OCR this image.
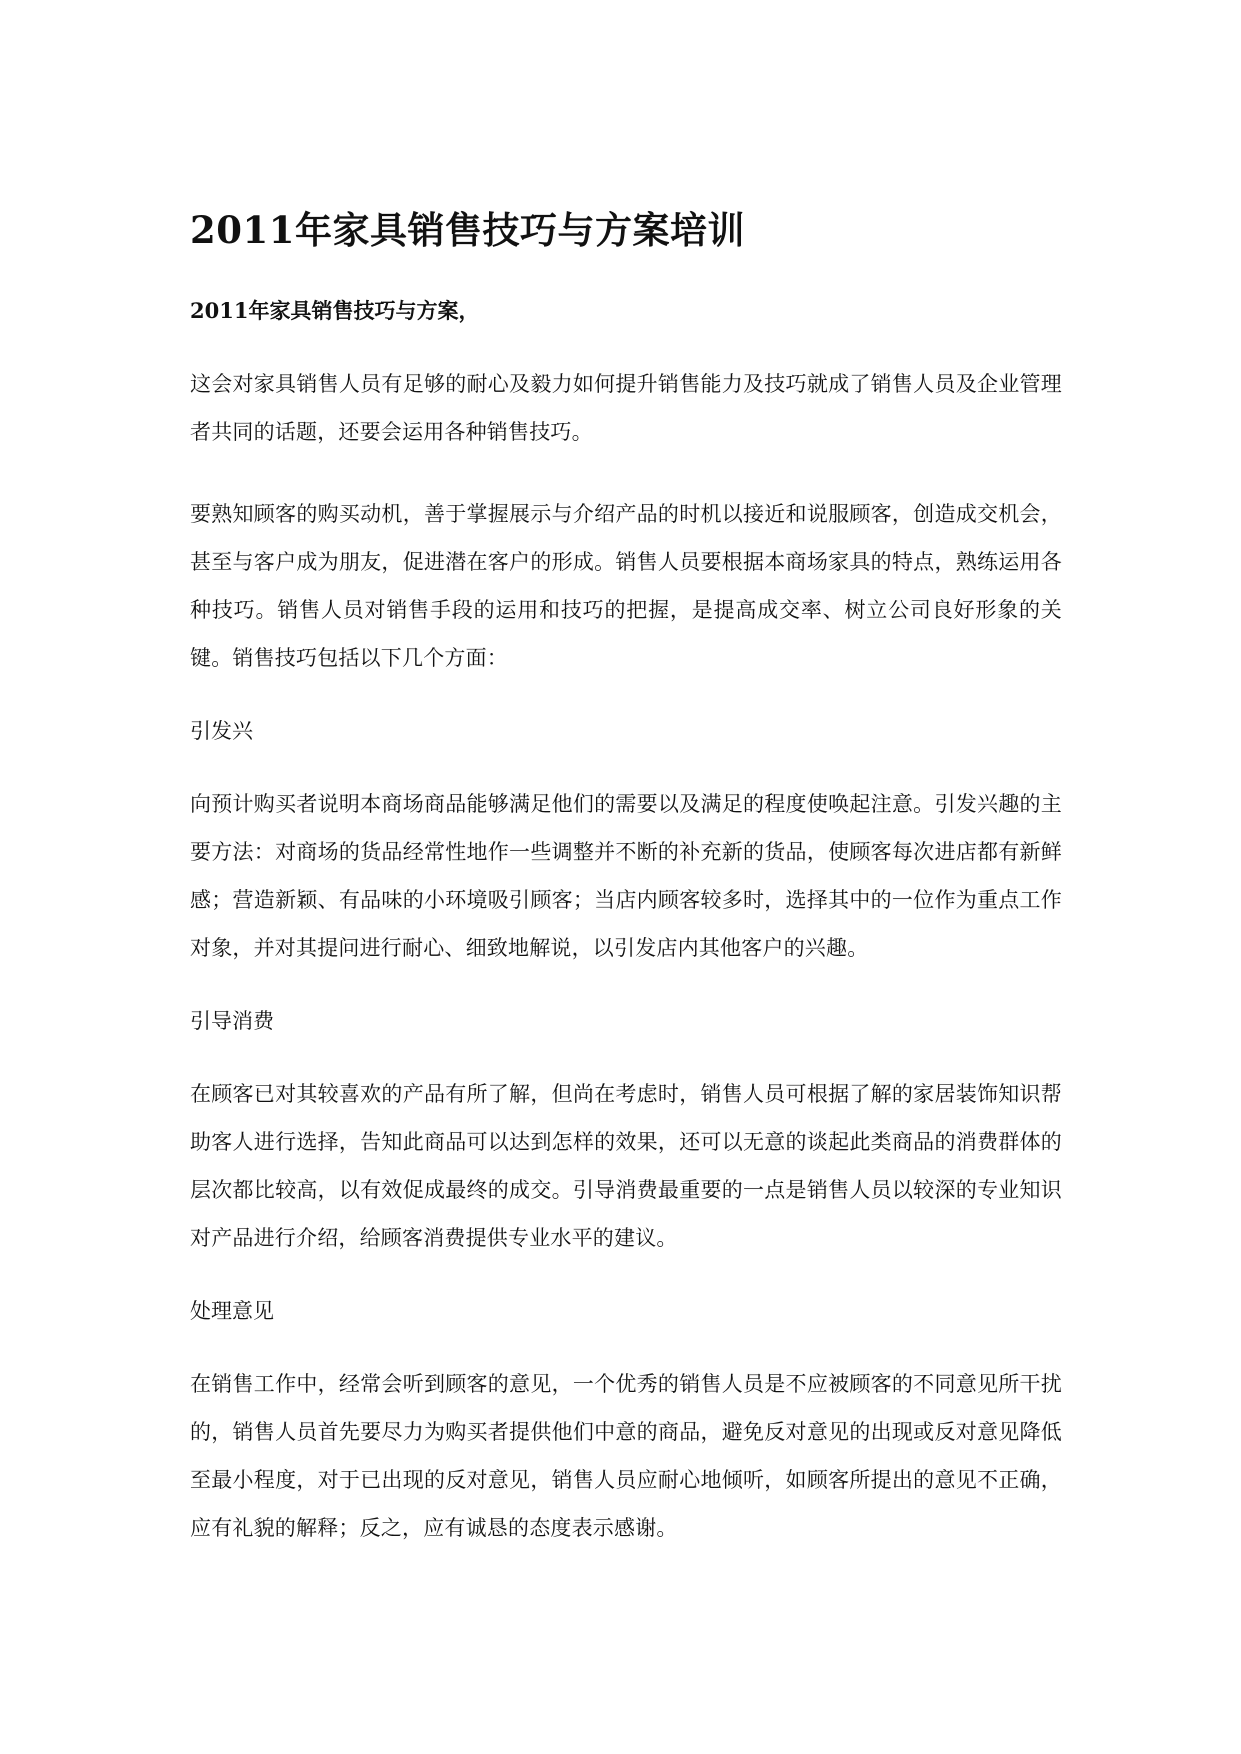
2011年家具销售技巧与方案培训

2011年家具销售技巧与方案，

这会对家具销售人员有足够的耐心及毅力如何提升销售能力及技巧就成了销售人员及企业管理者共同的话题，还要会运用各种销售技巧。

要熟知顾客的购买动机，善于掌握展示与介绍产品的时机以接近和说服顾客，创造成交机会，甚至与客户成为朋友，促进潜在客户的形成。销售人员要根据本商场家具的特点，熟练运用各种技巧。销售人员对销售手段的运用和技巧的把握，是提高成交率、树立公司良好形象的关键。销售技巧包括以下几个方面：

引发兴

向预计购买者说明本商场商品能够满足他们的需要以及满足的程度使唤起注意。引发兴趣的主要方法：对商场的货品经常性地作一些调整并不断的补充新的货品，使顾客每次进店都有新鲜感；营造新颖、有品味的小环境吸引顾客；当店内顾客较多时，选择其中的一位作为重点工作对象，并对其提问进行耐心、细致地解说，以引发店内其他客户的兴趣。

引导消费

在顾客已对其较喜欢的产品有所了解，但尚在考虑时，销售人员可根据了解的家居装饰知识帮助客人进行选择，告知此商品可以达到怎样的效果，还可以无意的谈起此类商品的消费群体的层次都比较高，以有效促成最终的成交。引导消费最重要的一点是销售人员以较深的专业知识对产品进行介绍，给顾客消费提供专业水平的建议。

处理意见

在销售工作中，经常会听到顾客的意见，一个优秀的销售人员是不应被顾客的不同意见所干扰的，销售人员首先要尽力为购买者提供他们中意的商品，避免反对意见的出现或反对意见降低至最小程度，对于已出现的反对意见，销售人员应耐心地倾听，如顾客所提出的意见不正确，应有礼貌的解释；反之，应有诚恳的态度表示感谢。
